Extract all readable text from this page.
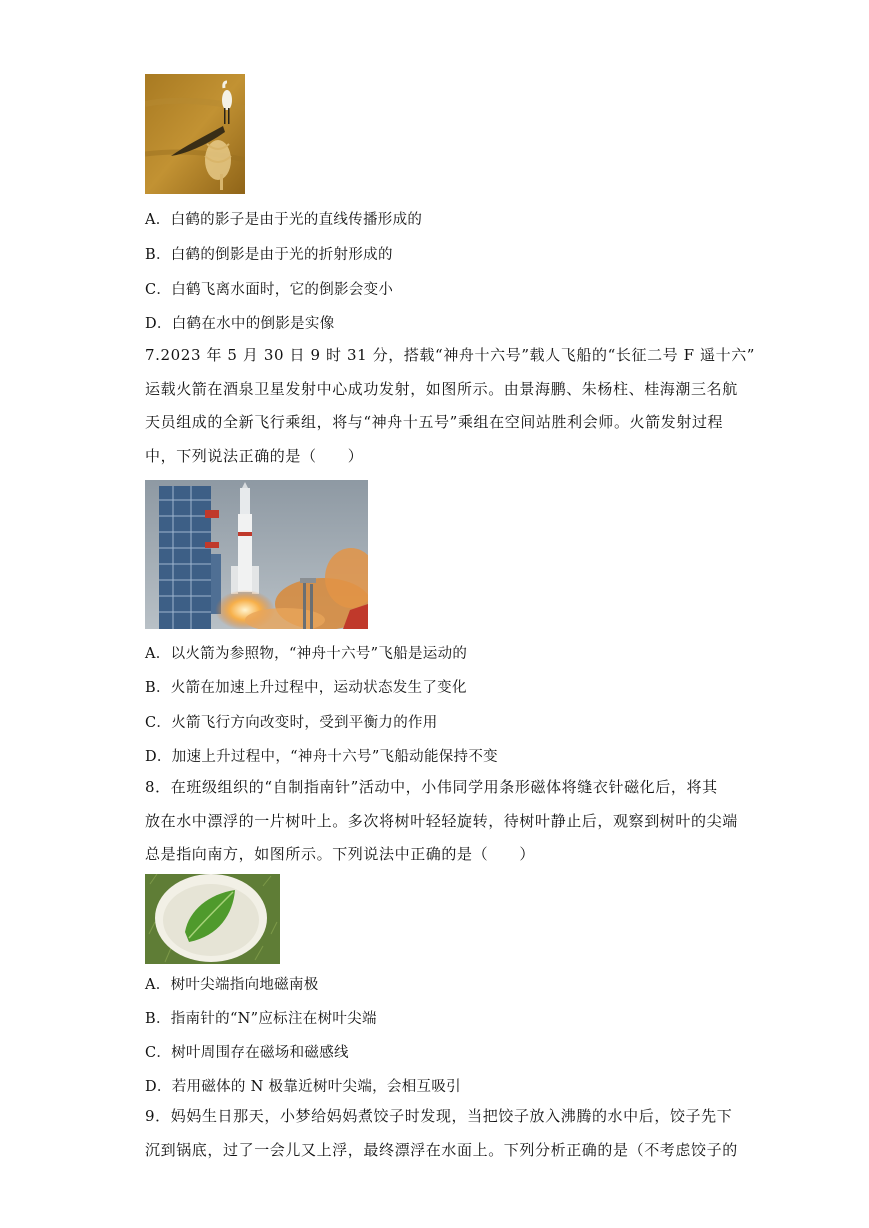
A．白鹤的影子是由于光的直线传播形成的
B．白鹤的倒影是由于光的折射形成的
C．白鹤飞离水面时，它的倒影会变小
D．白鹤在水中的倒影是实像
7.2023 年 5 月 30 日 9 时 31 分，搭载“神舟十六号”载人飞船的“长征二号 F 遥十六”
运载火箭在酒泉卫星发射中心成功发射，如图所示。由景海鹏、朱杨柱、桂海潮三名航
天员组成的全新飞行乘组，将与“神舟十五号”乘组在空间站胜利会师。火箭发射过程
中，下列说法正确的是（　　）
A．以火箭为参照物，“神舟十六号”飞船是运动的
B．火箭在加速上升过程中，运动状态发生了变化
C．火箭飞行方向改变时，受到平衡力的作用
D．加速上升过程中，“神舟十六号”飞船动能保持不变
8．在班级组织的“自制指南针”活动中，小伟同学用条形磁体将缝衣针磁化后，将其
放在水中漂浮的一片树叶上。多次将树叶轻轻旋转，待树叶静止后，观察到树叶的尖端
总是指向南方，如图所示。下列说法中正确的是（　　）
A．树叶尖端指向地磁南极
B．指南针的“N”应标注在树叶尖端
C．树叶周围存在磁场和磁感线
D．若用磁体的 N 极靠近树叶尖端，会相互吸引
9．妈妈生日那天，小梦给妈妈煮饺子时发现，当把饺子放入沸腾的水中后，饺子先下
沉到锅底，过了一会儿又上浮，最终漂浮在水面上。下列分析正确的是（不考虑饺子的
